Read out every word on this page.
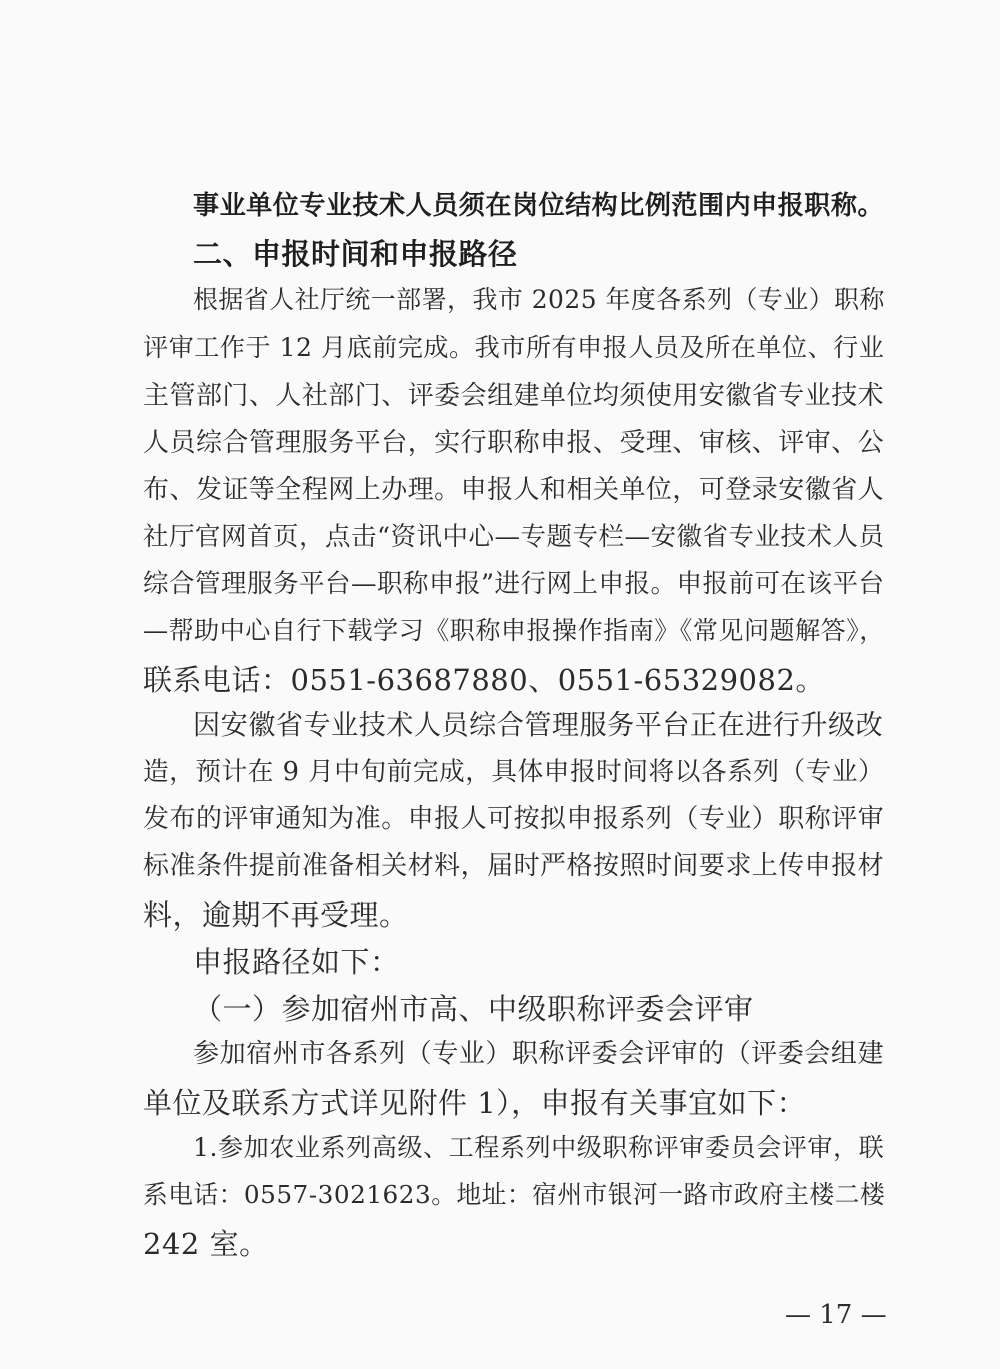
事业单位专业技术人员须在岗位结构比例范围内申报职称。
二、申报时间和申报路径
根据省人社厅统一部署，我市 2025 年度各系列（专业）职称
评审工作于 12 月底前完成。我市所有申报人员及所在单位、行业
主管部门、人社部门、评委会组建单位均须使用安徽省专业技术
人员综合管理服务平台，实行职称申报、受理、审核、评审、公
布、发证等全程网上办理。申报人和相关单位，可登录安徽省人
社厅官网首页，点击“资讯中心—专题专栏—安徽省专业技术人员
综合管理服务平台—职称申报”进行网上申报。申报前可在该平台
—帮助中心自行下载学习《职称申报操作指南》《常见问题解答》，
联系电话：0551-63687880、0551-65329082。
因安徽省专业技术人员综合管理服务平台正在进行升级改
造，预计在 9 月中旬前完成，具体申报时间将以各系列（专业）
发布的评审通知为准。申报人可按拟申报系列（专业）职称评审
标准条件提前准备相关材料，届时严格按照时间要求上传申报材
料，逾期不再受理。
申报路径如下：
（一）参加宿州市高、中级职称评委会评审
参加宿州市各系列（专业）职称评委会评审的（评委会组建
单位及联系方式详见附件 1），申报有关事宜如下：
1.参加农业系列高级、工程系列中级职称评审委员会评审，联
系电话：0557-3021623。地址：宿州市银河一路市政府主楼二楼
242 室。
— 17 —
